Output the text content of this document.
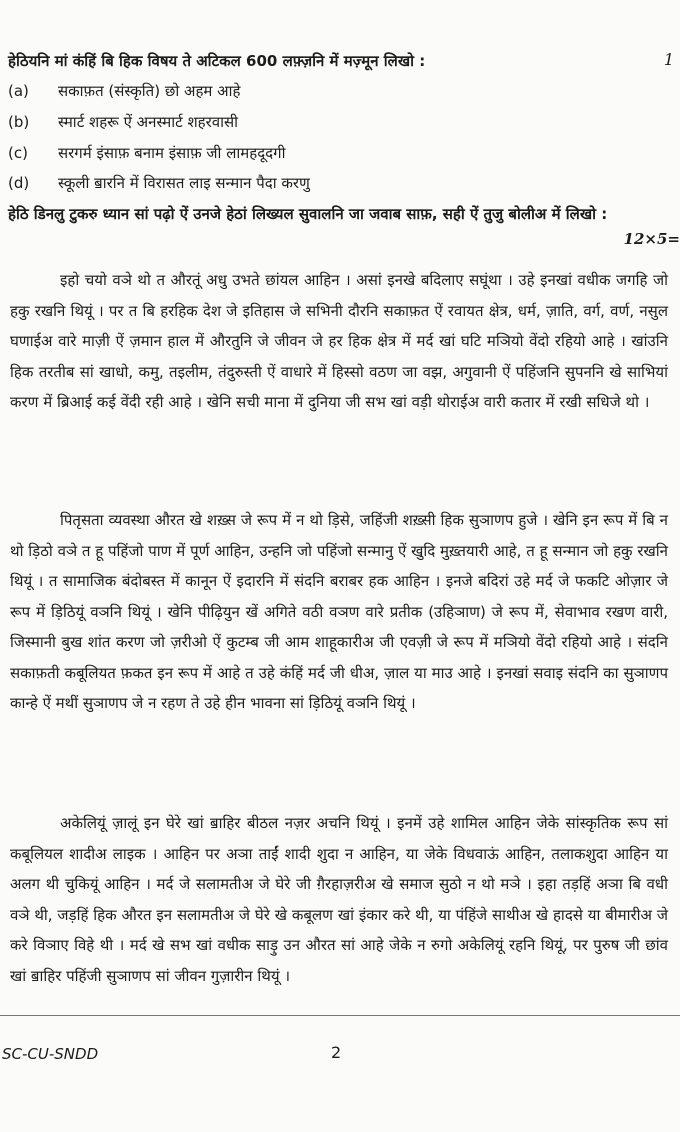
हेठियनि मां कंहिं बि हिक विषय ते अटिकल 600 लफ़्ज़नि में मज़्मून लिखो :	1
(a) सकाफ़त (संस्कृति) छो अहम आहे
(b) स्मार्ट शहरू ऐं अनस्मार्ट शहरवासी
(c) सरगर्म इंसाफ़ बनाम इंसाफ़ जी लामहदूदगी
(d) स्कूली ॿारनि में विरासत लाइ सन्मान पैदा करणु
हेठि डिनलु टुकरु ध्यान सां पढ़ो ऐं उनजे हेठां लिख्यल सुवालनि जा जवाब साफ़, सही ऐं तुजु बोलीअ में लिखो :
12×5=

इहो चयो वञे थो त औरतूं अधु उभते छांयल आहिन । असां इनखे बदिलाए सघूंथा । उहे इनखां वधीक जगहि जो हकु रखनि थियूं । पर त बि हरहिक देश जे इतिहास जे सभिनी दौरनि सकाफ़त ऐं रवायत क्षेत्र, धर्म, ज़ाति, वर्ग, वर्ण, नसुल घणाईअ वारे माज़ी ऐं ज़मान हाल में औरतुनि जे जीवन जे हर हिक क्षेत्र में मर्द खां घटि मञियो वेंदो रहियो आहे । खांउनि हिक तरतीब सां खाधो, कमु, तइलीम, तंदुरुस्ती ऐं वाधारे में हिस्सो वठण जा वझ, अगुवानी ऐं पहिंजनि सुपननि खे साभियां करण में ब्रिआई कई वेंदी रही आहे । खेनि सची माना में दुनिया जी सभ खां वड़ी थोराईअ वारी कतार में रखी सधिजे थो ।

पितृसता व्यवस्था औरत खे शख़्स जे रूप में न थो ड़िसे, जहिंजी शख़्सी हिक सुञाणप हुजे । खेनि इन रूप में बि न थो ड़िठो वञे त हू पहिंजो पाण में पूर्ण आहिन, उन्हनि जो पहिंजो सन्मानु ऐं खुदि मुख़्तयारी आहे, त हू सन्मान जो हकु रखनि थियूं । त सामाजिक बंदोबस्त में कानून ऐं इदारनि में संदनि बराबर हक आहिन । इनजे बदिरां उहे मर्द जे फकटि ओज़ार जे रूप में ड़िठियूं वञनि थियूं । खेनि पीढ़ियुन खें अगिते वठी वञण वारे प्रतीक (उहिञाण) जे रूप में, सेवाभाव रखण वारी, जिस्मानी बुख शांत करण जो ज़रीओ ऐं कुटम्ब जी आम शाहूकारीअ जी एवज़ी जे रूप में मञियो वेंदो रहियो आहे । संदनि सकाफ़ती कबूलियत फ़कत इन रूप में आहे त उहे कंहिं मर्द जी धीअ, ज़ाल या माउ आहे । इनखां सवाइ संदनि का सुञाणप कान्हे ऐं मथीं सुञाणप जे न रहण ते उहे हीन भावना सां ड़िठियूं वञनि थियूं ।

अकेलियूं ज़ालूं इन घेरे खां ॿाहिर बीठल नज़र अचनि थियूं । इनमें उहे शामिल आहिन जेके सांस्कृतिक रूप सां कबूलियल शादीअ लाइक । आहिन पर अञा ताईं शादी शुदा न आहिन, या जेके विधवाऊं आहिन, तलाकशुदा आहिन या अलग थी चुकियूं आहिन । मर्द जे सलामतीअ जे घेरे जी ग़ैरहाज़रीअ खे समाज सुठो न थो मञे । इहा तड़हिं अञा बि वधी वञे थी, जड़हिं हिक औरत इन सलामतीअ जे घेरे खे कबूलण खां इंकार करे थी, या पंहिंजे साथीअ खे हादसे या बीमारीअ जे करे विञाए विहे थी । मर्द खे सभ खां वधीक साड़ु उन औरत सां आहे जेके न रुगो अकेलियूं रहनि थियूं, पर पुरुष जी छांव खां ॿाहिर पहिंजी सुञाणप सां जीवन गुज़ारीन थियूं ।

SC-CU-SNDD	2
